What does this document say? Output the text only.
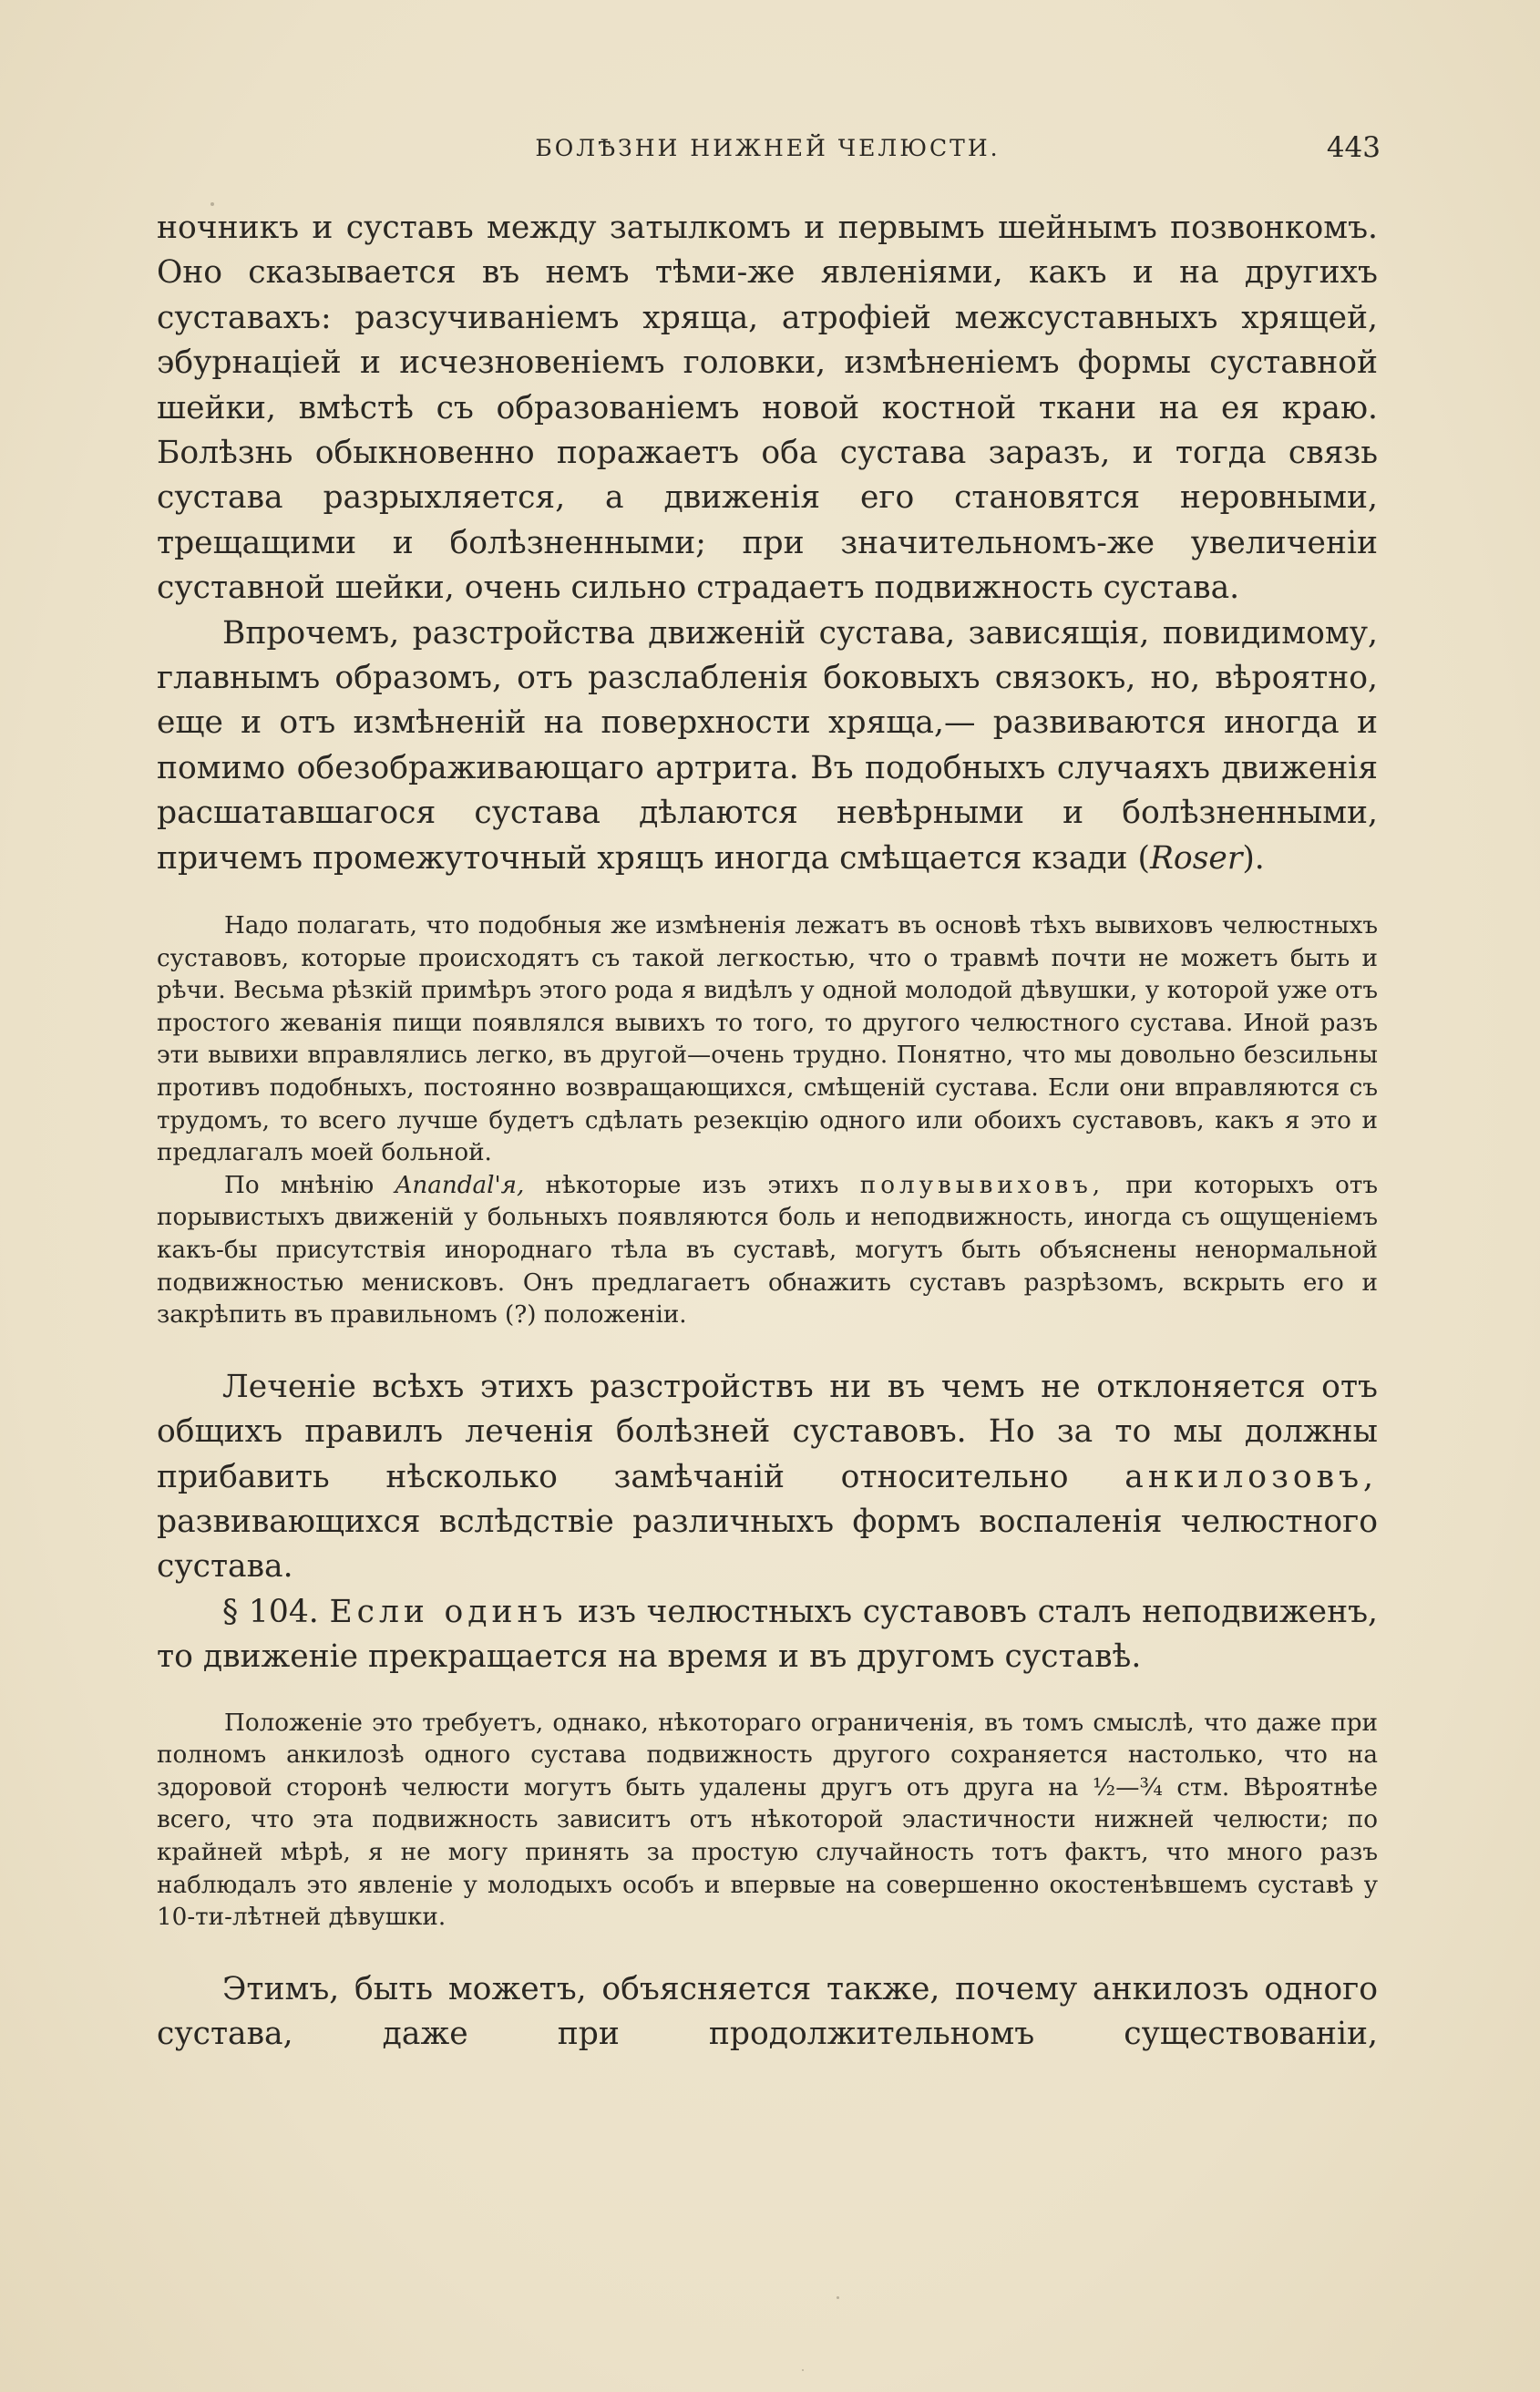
БОЛѢЗНИ НИЖНЕЙ ЧЕЛЮСТИ.	443

ночникъ и суставъ между затылкомъ и первымъ шейнымъ позвонкомъ. Оно сказывается въ немъ тѣми-же явленіями, какъ и на другихъ суставахъ: разсучиваніемъ хряща, атрофіей межсуставныхъ хрящей, эбурнаціей и исчезновеніемъ головки, измѣненіемъ формы суставной шейки, вмѣстѣ съ образованіемъ новой костной ткани на ея краю. Болѣзнь обыкновенно поражаетъ оба сустава заразъ, и тогда связь сустава разрыхляется, а движенія его становятся неровными, трещащими и болѣзненными; при значительномъ-же увеличеніи суставной шейки, очень сильно страдаетъ подвижность сустава.

Впрочемъ, разстройства движеній сустава, зависящія, повидимому, главнымъ образомъ, отъ разслабленія боковыхъ связокъ, но, вѣроятно, еще и отъ измѣненій на поверхности хряща,— развиваются иногда и помимо обезображивающаго артрита. Въ подобныхъ случаяхъ движенія расшатавшагося сустава дѣлаются невѣрными и болѣзненными, причемъ промежуточный хрящъ иногда смѣщается кзади (Roser).

Надо полагать, что подобныя же измѣненія лежатъ въ основѣ тѣхъ вывиховъ челюстныхъ суставовъ, которые происходятъ съ такой легкостью, что о травмѣ почти не можетъ быть и рѣчи. Весьма рѣзкій примѣръ этого рода я видѣлъ у одной молодой дѣвушки, у которой уже отъ простого жеванія пищи появлялся вывихъ то того, то другого челюстного сустава. Иной разъ эти вывихи вправлялись легко, въ другой—очень трудно. Понятно, что мы довольно безсильны противъ подобныхъ, постоянно возвращающихся, смѣщеній сустава. Если они вправляются съ трудомъ, то всего лучше будетъ сдѣлать резекцію одного или обоихъ суставовъ, какъ я это и предлагалъ моей больной.

По мнѣнію Anandal'я, нѣкоторые изъ этихъ полувывиховъ, при которыхъ отъ порывистыхъ движеній у больныхъ появляются боль и неподвижность, иногда съ ощущеніемъ какъ-бы присутствія инороднаго тѣла въ суставѣ, могутъ быть объяснены ненормальной подвижностью менисковъ. Онъ предлагаетъ обнажить суставъ разрѣзомъ, вскрыть его и закрѣпить въ правильномъ (?) положеніи.

Леченіе всѣхъ этихъ разстройствъ ни въ чемъ не отклоняется отъ общихъ правилъ леченія болѣзней суставовъ. Но за то мы должны прибавить нѣсколько замѣчаній относительно анкилозовъ, развивающихся вслѣдствіе различныхъ формъ воспаленія челюстного сустава.

§ 104. Если одинъ изъ челюстныхъ суставовъ сталъ неподвиженъ, то движеніе прекращается на время и въ другомъ суставѣ.

Положеніе это требуетъ, однако, нѣкотораго ограниченія, въ томъ смыслѣ, что даже при полномъ анкилозѣ одного сустава подвижность другого сохраняется настолько, что на здоровой сторонѣ челюсти могутъ быть удалены другъ отъ друга на ½—¾ стм. Вѣроятнѣе всего, что эта подвижность зависитъ отъ нѣкоторой эластичности нижней челюсти; по крайней мѣрѣ, я не могу принять за простую случайность тотъ фактъ, что много разъ наблюдалъ это явленіе у молодыхъ особъ и впервые на совершенно окостенѣвшемъ суставѣ у 10-ти-лѣтней дѣвушки.

Этимъ, быть можетъ, объясняется также, почему анкилозъ одного сустава, даже при продолжительномъ существованіи,
